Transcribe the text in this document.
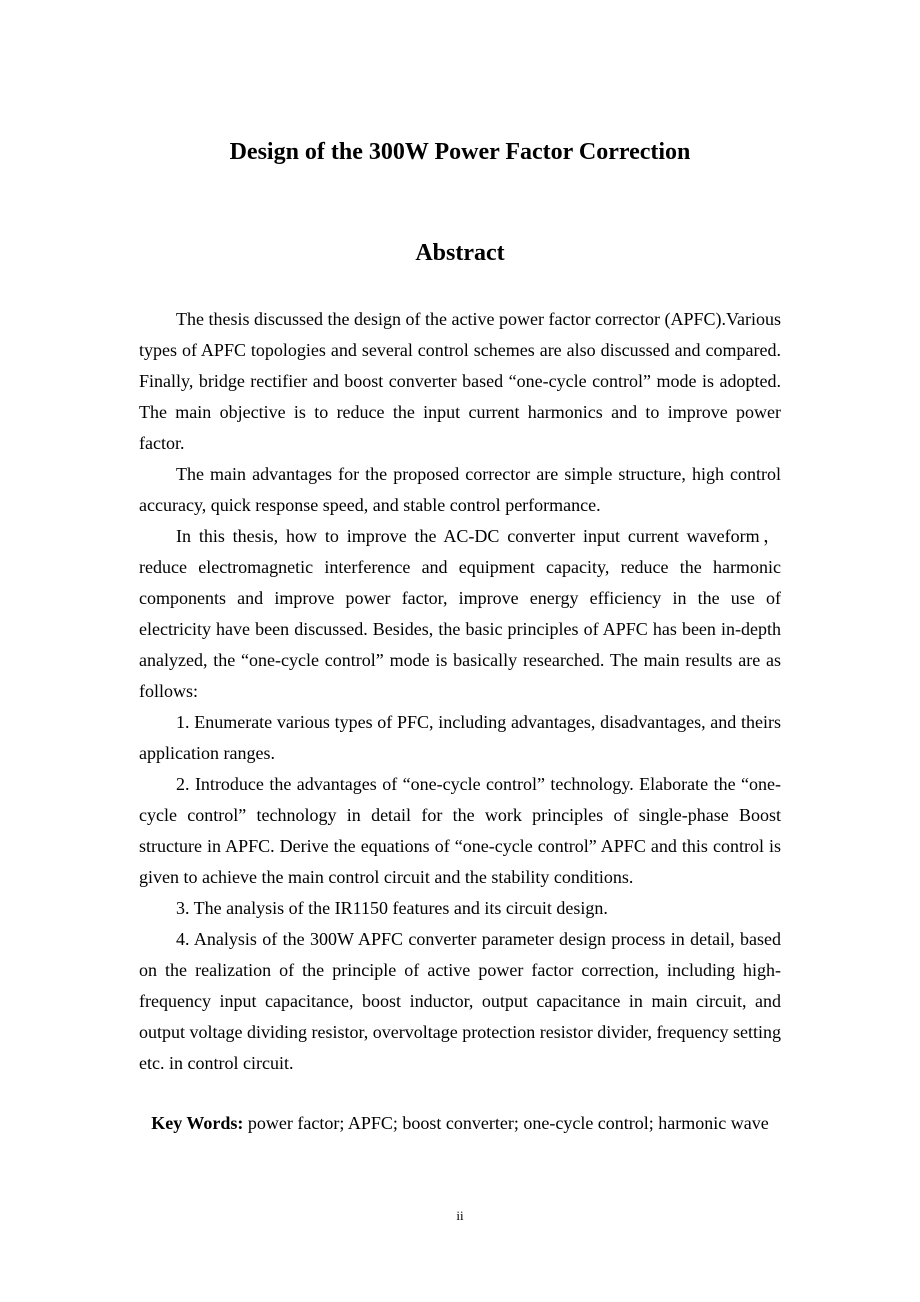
Design of the 300W Power Factor Correction
Abstract

The thesis discussed the design of the active power factor corrector (APFC).Various types of APFC topologies and several control schemes are also discussed and compared. Finally, bridge rectifier and boost converter based “one-cycle control” mode is adopted. The main objective is to reduce the input current harmonics and to improve power factor.

The main advantages for the proposed corrector are simple structure, high control accuracy, quick response speed, and stable control performance.

In this thesis, how to improve the AC-DC converter input current waveform，reduce electromagnetic interference and equipment capacity, reduce the harmonic components and improve power factor, improve energy efficiency in the use of electricity have been discussed. Besides, the basic principles of APFC has been in-depth analyzed, the “one-cycle control” mode is basically researched. The main results are as follows:

1. Enumerate various types of PFC, including advantages, disadvantages, and theirs application ranges.

2. Introduce the advantages of “one-cycle control” technology. Elaborate the “one-cycle control” technology in detail for the work principles of single-phase Boost structure in APFC. Derive the equations of “one-cycle control” APFC and this control is given to achieve the main control circuit and the stability conditions.

3. The analysis of the IR1150 features and its circuit design.

4. Analysis of the 300W APFC converter parameter design process in detail, based on the realization of the principle of active power factor correction, including high-frequency input capacitance, boost inductor, output capacitance in main circuit, and output voltage dividing resistor, overvoltage protection resistor divider, frequency setting etc. in control circuit.

Key Words: power factor; APFC; boost converter; one-cycle control; harmonic wave
ii
